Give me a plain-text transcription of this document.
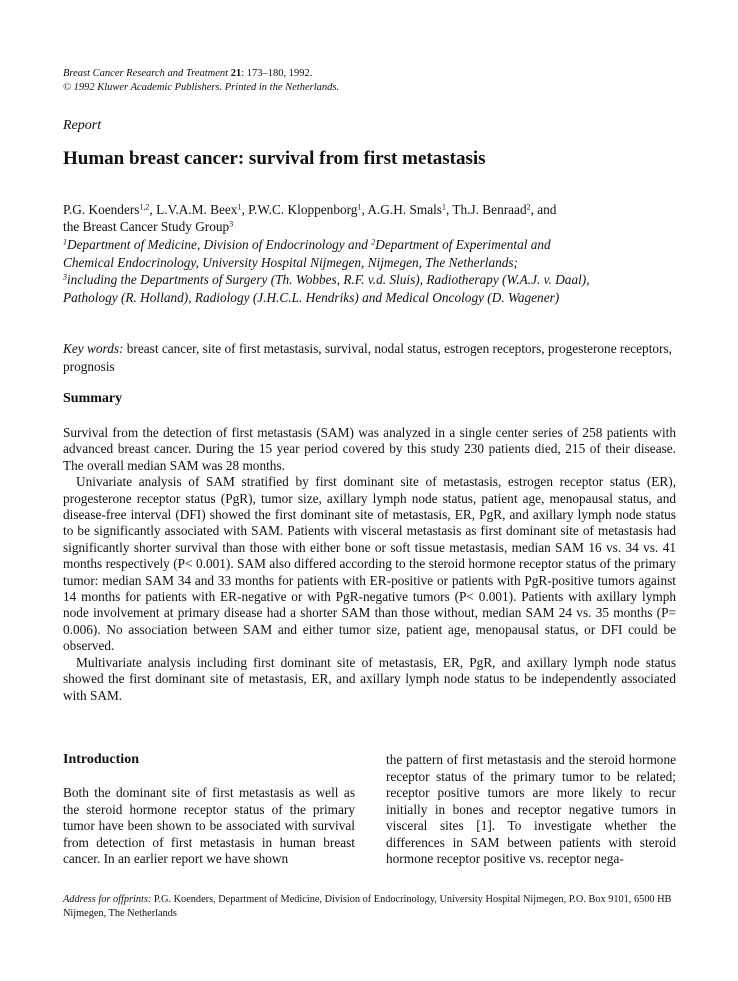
Breast Cancer Research and Treatment 21: 173–180, 1992.
© 1992 Kluwer Academic Publishers. Printed in the Netherlands.
Report
Human breast cancer: survival from first metastasis
P.G. Koenders$^{1,2}$, L.V.A.M. Beex$^1$, P.W.C. Kloppenborg$^1$, A.G.H. Smals$^1$, Th.J. Benraad$^2$, and
the Breast Cancer Study Group$^3$
$^1$Department of Medicine, Division of Endocrinology and $^2$Department of Experimental and
Chemical Endocrinology, University Hospital Nijmegen, Nijmegen, The Netherlands;
$^3$including the Departments of Surgery (Th. Wobbes, R.F. v.d. Sluis), Radiotherapy (W.A.J. v. Daal),
Pathology (R. Holland), Radiology (J.H.C.L. Hendriks) and Medical Oncology (D. Wagener)
Key words: breast cancer, site of first metastasis, survival, nodal status, estrogen receptors, progesterone receptors, prognosis
Summary

Survival from the detection of first metastasis (SAM) was analyzed in a single center series of 258 patients with advanced breast cancer. During the 15 year period covered by this study 230 patients died, 215 of their disease. The overall median SAM was 28 months.

Univariate analysis of SAM stratified by first dominant site of metastasis, estrogen receptor status (ER), progesterone receptor status (PgR), tumor size, axillary lymph node status, patient age, menopausal status, and disease-free interval (DFI) showed the first dominant site of metastasis, ER, PgR, and axillary lymph node status to be significantly associated with SAM. Patients with visceral metastasis as first dominant site of metastasis had significantly shorter survival than those with either bone or soft tissue metastasis, median SAM 16 vs. 34 vs. 41 months respectively (P< 0.001). SAM also differed according to the steroid hormone receptor status of the primary tumor: median SAM 34 and 33 months for patients with ER-positive or patients with PgR-positive tumors against 14 months for patients with ER-negative or with PgR-negative tumors (P< 0.001). Patients with axillary lymph node involvement at primary disease had a shorter SAM than those without, median SAM 24 vs. 35 months (P= 0.006). No association between SAM and either tumor size, patient age, menopausal status, or DFI could be observed.

Multivariate analysis including first dominant site of metastasis, ER, PgR, and axillary lymph node status showed the first dominant site of metastasis, ER, and axillary lymph node status to be independently associated with SAM.

Introduction

Both the dominant site of first metastasis as well as the steroid hormone receptor status of the primary tumor have been shown to be associated with survival from detection of first metastasis in human breast cancer. In an earlier report we have shown

the pattern of first metastasis and the steroid hormone receptor status of the primary tumor to be related; receptor positive tumors are more likely to recur initially in bones and receptor negative tumors in visceral sites [1]. To investigate whether the differences in SAM between patients with steroid hormone receptor positive vs. receptor nega-

Address for offprints: P.G. Koenders, Department of Medicine, Division of Endocrinology, University Hospital Nijmegen, P.O. Box 9101, 6500 HB Nijmegen, The Netherlands
